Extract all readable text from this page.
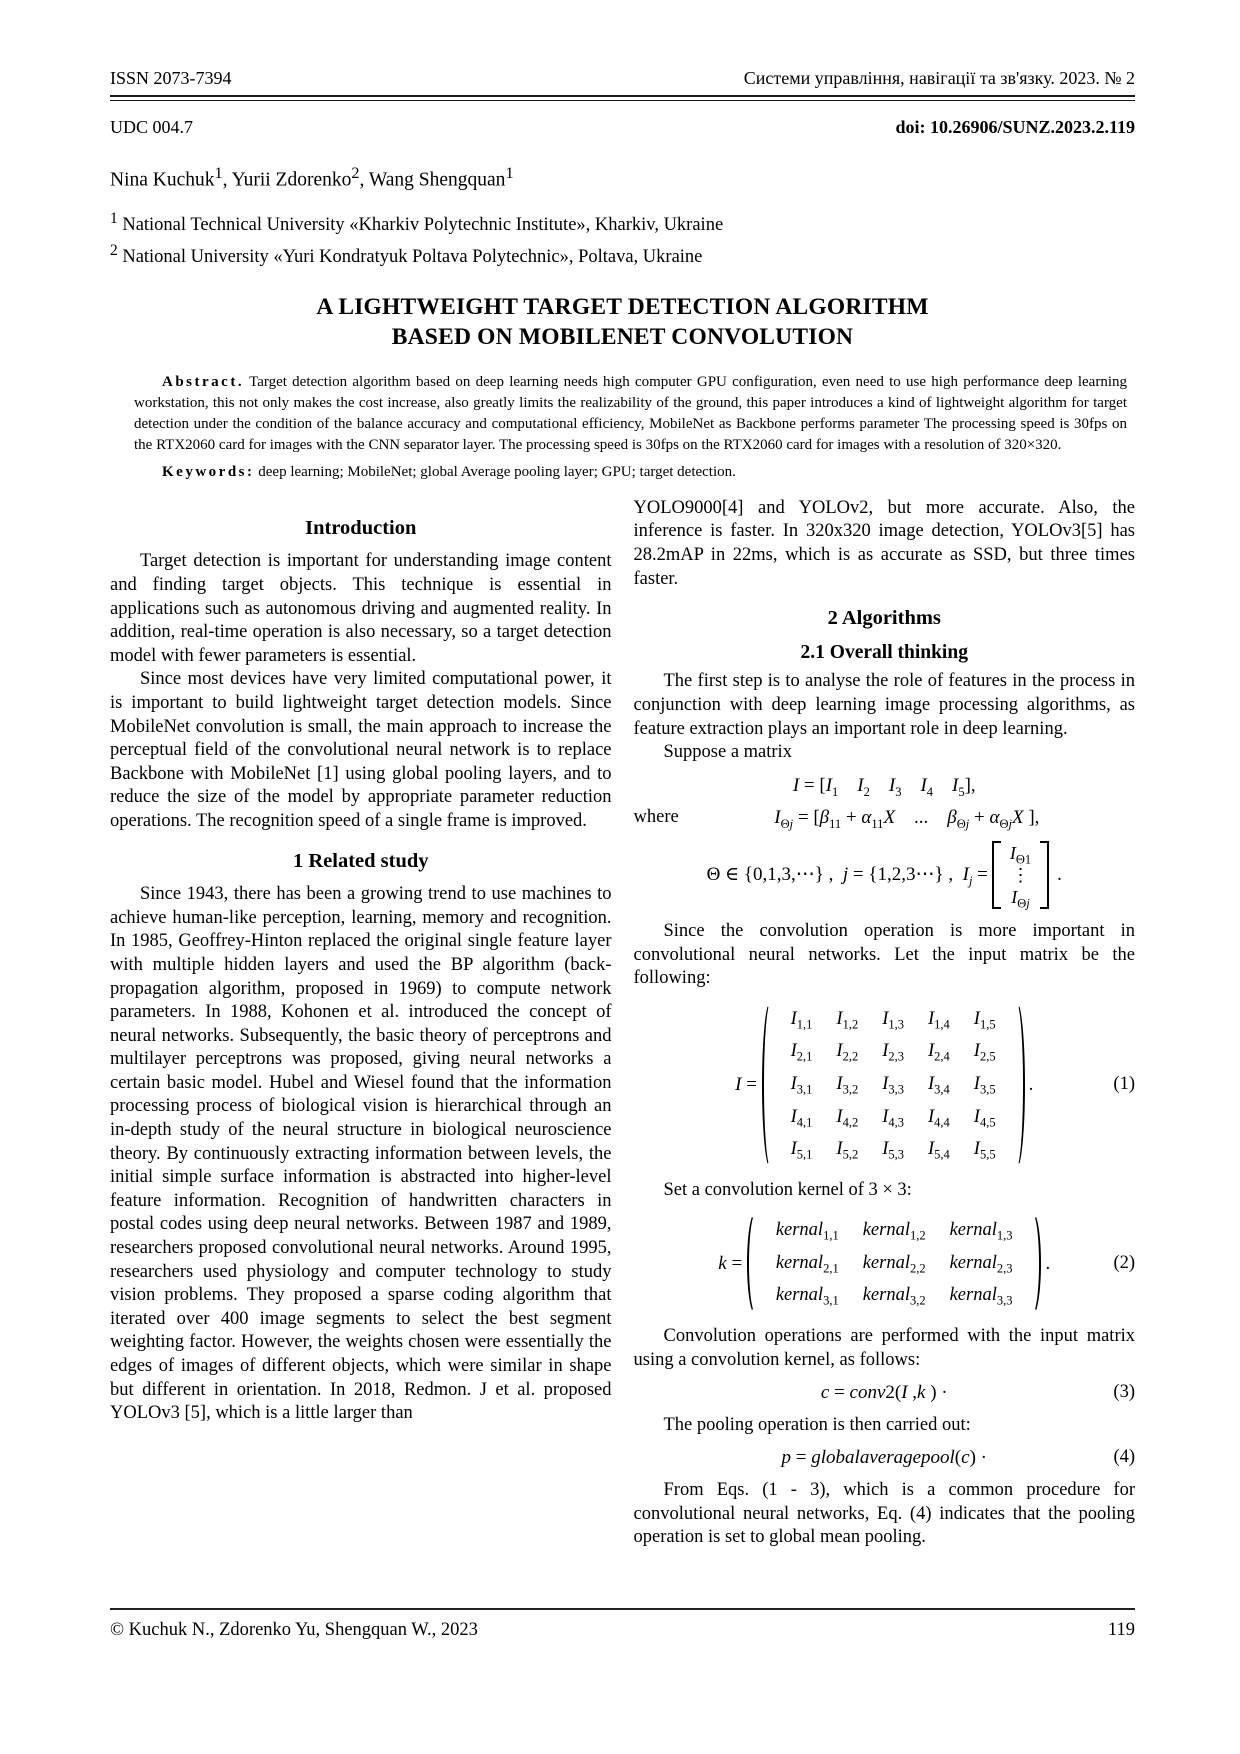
ISSN 2073-7394	Системи управління, навігації та зв'язку. 2023. № 2
UDC 004.7	doi: 10.26906/SUNZ.2023.2.119
Nina Kuchuk$^1$, Yurii Zdorenko$^2$, Wang Shengquan$^1$
$^1$ National Technical University «Kharkiv Polytechnic Institute», Kharkiv, Ukraine
$^2$ National University «Yuri Kondratyuk Poltava Polytechnic», Poltava, Ukraine
A LIGHTWEIGHT TARGET DETECTION ALGORITHM
BASED ON MOBILENET CONVOLUTION

Abstract. Target detection algorithm based on deep learning needs high computer GPU configuration, even need to use high performance deep learning workstation, this not only makes the cost increase, also greatly limits the realizability of the ground, this paper introduces a kind of lightweight algorithm for target detection under the condition of the balance accuracy and computational efficiency, MobileNet as Backbone performs parameter The processing speed is 30fps on the RTX2060 card for images with the CNN separator layer. The processing speed is 30fps on the RTX2060 card for images with a resolution of 320×320.

Keywords: deep learning; MobileNet; global Average pooling layer; GPU; target detection.

Introduction

Target detection is important for understanding image content and finding target objects. This technique is essential in applications such as autonomous driving and augmented reality. In addition, real-time operation is also necessary, so a target detection model with fewer parameters is essential.

Since most devices have very limited computational power, it is important to build lightweight target detection models. Since MobileNet convolution is small, the main approach to increase the perceptual field of the convolutional neural network is to replace Backbone with MobileNet [1] using global pooling layers, and to reduce the size of the model by appropriate parameter reduction operations. The recognition speed of a single frame is improved.

1 Related study

Since 1943, there has been a growing trend to use machines to achieve human-like perception, learning, memory and recognition. In 1985, Geoffrey-Hinton replaced the original single feature layer with multiple hidden layers and used the BP algorithm (back-propagation algorithm, proposed in 1969) to compute network parameters. In 1988, Kohonen et al. introduced the concept of neural networks. Subsequently, the basic theory of perceptrons and multilayer perceptrons was proposed, giving neural networks a certain basic model. Hubel and Wiesel found that the information processing process of biological vision is hierarchical through an in-depth study of the neural structure in biological neuroscience theory. By continuously extracting information between levels, the initial simple surface information is abstracted into higher-level feature information. Recognition of handwritten characters in postal codes using deep neural networks. Between 1987 and 1989, researchers proposed convolutional neural networks. Around 1995, researchers used physiology and computer technology to study vision problems. They proposed a sparse coding algorithm that iterated over 400 image segments to select the best segment weighting factor. However, the weights chosen were essentially the edges of images of different objects, which were similar in shape but different in orientation. In 2018, Redmon. J et al. proposed YOLOv3 [5], which is a little larger than

YOLO9000[4] and YOLOv2, but more accurate. Also, the inference is faster. In 320x320 image detection, YOLOv3[5] has 28.2mAP in 22ms, which is as accurate as SSD, but three times faster.

2 Algorithms
2.1 Overall thinking

The first step is to analyse the role of features in the process in conjunction with deep learning image processing algorithms, as feature extraction plays an important role in deep learning.

Suppose a matrix

$I = [I_1$  $I_2$  $I_3$  $I_4$  $I_5$],
where	$I_{\Theta j} = [\beta_{11} + \alpha_{11}X$ ... $\beta_{\Theta j} + \alpha_{\Theta j}X$ ],
Θ ∈ {0,1,3,⋯} , j = {1,2,3⋯} , $I_j$ =
$I_{\Theta 1}$
⋮
$I_{\Theta j}$
.

Since the convolution operation is more important in convolutional neural networks. Let the input matrix be the following:

I =

$I_{1,1}$ $I_{1,2}$ $I_{1,3}$ $I_{1,4}$ $I_{1,5}$
$I_{2,1}$ $I_{2,2}$ $I_{2,3}$ $I_{2,4}$ $I_{2,5}$
$I_{3,1}$ $I_{3,2}$ $I_{3,3}$ $I_{3,4}$ $I_{3,5}$
$I_{4,1}$ $I_{4,2}$ $I_{4,3}$ $I_{4,4}$ $I_{4,5}$
$I_{5,1}$ $I_{5,2}$ $I_{5,3}$ $I_{5,4}$ $I_{5,5}$
.	(1)

Set a convolution kernel of 3 × 3:

k =

kernal$_{1,1}$ kernal$_{1,2}$ kernal$_{1,3}$
kernal$_{2,1}$ kernal$_{2,2}$ kernal$_{2,3}$
kernal$_{3,1}$ kernal$_{3,2}$ kernal$_{3,3}$
.	(2)

Convolution operations are performed with the input matrix using a convolution kernel, as follows:

c = conv2(I ,k ) ·	(3)

The pooling operation is then carried out:

p = globalaveragepool(c) ·	(4)

From Eqs. (1 - 3), which is a common procedure for convolutional neural networks, Eq. (4) indicates that the pooling operation is set to global mean pooling.

© Kuchuk N., Zdorenko Yu, Shengquan W., 2023	119
